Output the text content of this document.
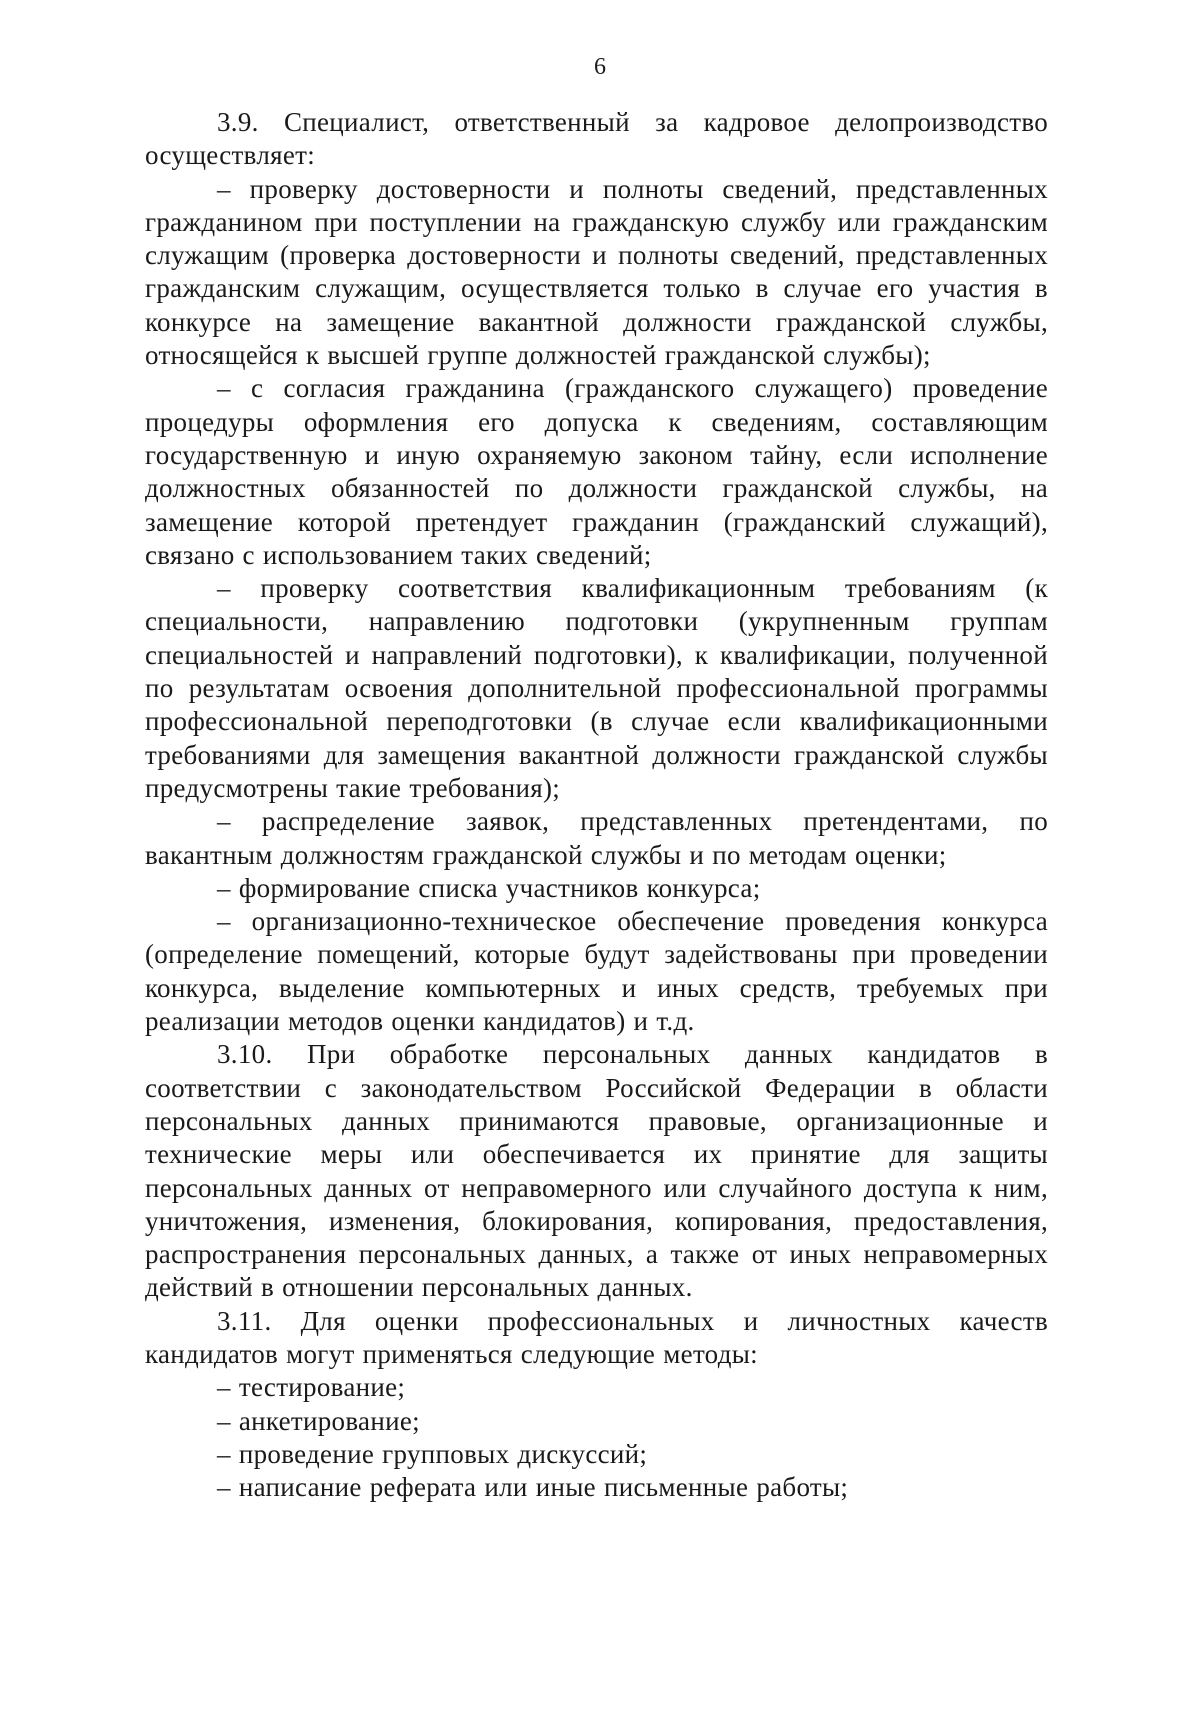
6

3.9. Специалист, ответственный за кадровое делопроизводство осуществляет:

– проверку достоверности и полноты сведений, представленных гражданином при поступлении на гражданскую службу или гражданским служащим (проверка достоверности и полноты сведений, представленных гражданским служащим, осуществляется только в случае его участия в конкурсе на замещение вакантной должности гражданской службы, относящейся к высшей группе должностей гражданской службы);

– с согласия гражданина (гражданского служащего) проведение процедуры оформления его допуска к сведениям, составляющим государственную и иную охраняемую законом тайну, если исполнение должностных обязанностей по должности гражданской службы, на замещение которой претендует гражданин (гражданский служащий), связано с использованием таких сведений;

– проверку соответствия квалификационным требованиям (к специальности, направлению подготовки (укрупненным группам специальностей и направлений подготовки), к квалификации, полученной по результатам освоения дополнительной профессиональной программы профессиональной переподготовки (в случае если квалификационными требованиями для замещения вакантной должности гражданской службы предусмотрены такие требования);

– распределение заявок, представленных претендентами, по вакантным должностям гражданской службы и по методам оценки;

– формирование списка участников конкурса;

– организационно-техническое обеспечение проведения конкурса (определение помещений, которые будут задействованы при проведении конкурса, выделение компьютерных и иных средств, требуемых при реализации методов оценки кандидатов) и т.д.

3.10. При обработке персональных данных кандидатов в соответствии с законодательством Российской Федерации в области персональных данных принимаются правовые, организационные и технические меры или обеспечивается их принятие для защиты персональных данных от неправомерного или случайного доступа к ним, уничтожения, изменения, блокирования, копирования, предоставления, распространения персональных данных, а также от иных неправомерных действий в отношении персональных данных.

3.11. Для оценки профессиональных и личностных качеств кандидатов могут применяться следующие методы:

– тестирование;

– анкетирование;

– проведение групповых дискуссий;

– написание реферата или иные письменные работы;
